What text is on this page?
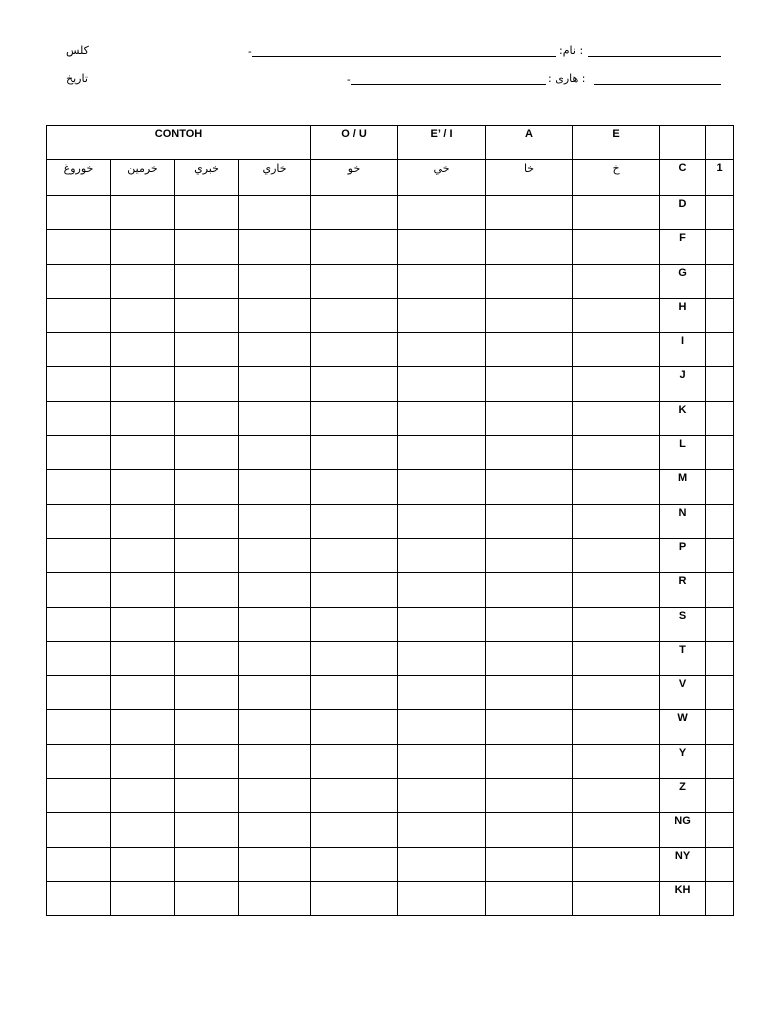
کلس
تاریخ
-	:نام :
-	: هاری :
CONTOH				O / U	E’ / I	A	E		
خوروغ	خرمين	خبري	خاري	خو	خي	خا	خ	C	1
								D	
								F	
								G	
								H	
								I	
								J	
								K	
								L	
								M	
								N	
								P	
								R	
								S	
								T	
								V	
								W	
								Y	
								Z	
								NG	
								NY	
								KH	
